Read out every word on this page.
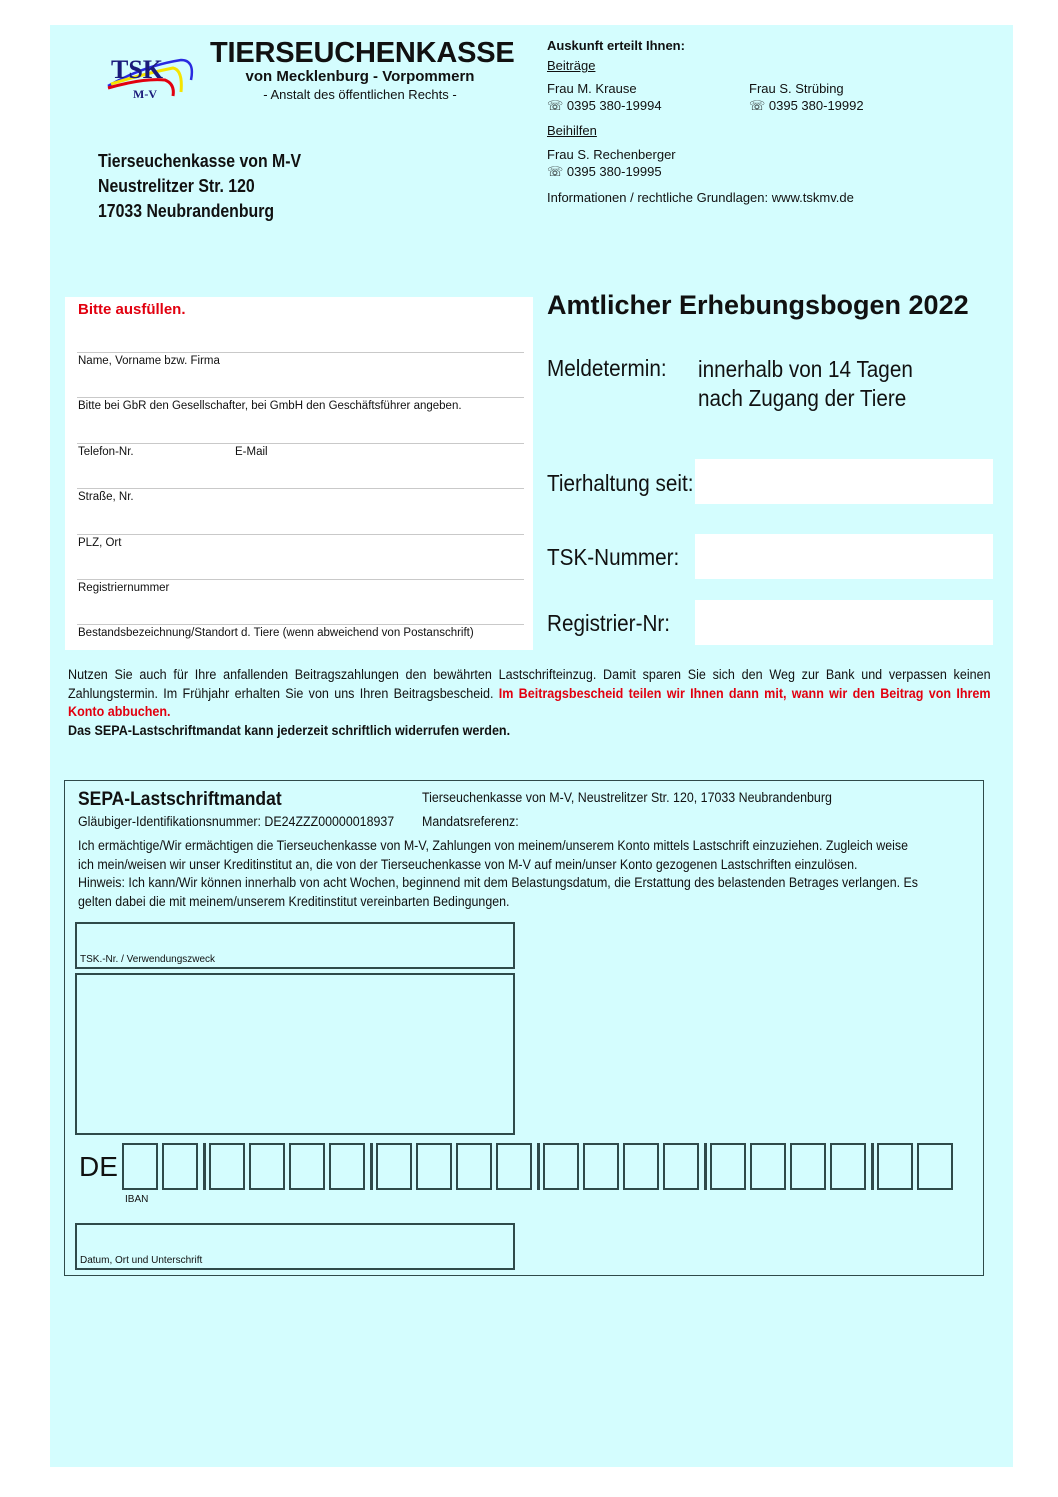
TSK
M-V
TIERSEUCHENKASSE
von Mecklenburg - Vorpommern
- Anstalt des öffentlichen Rechts -
Tierseuchenkasse von M-V
Neustrelitzer Str. 120
17033 Neubrandenburg
Auskunft erteilt Ihnen:
Beiträge
Frau M. Krause
☏ 0395 380-19994
Frau S. Strübing
☏ 0395 380-19992
Beihilfen
Frau S. Rechenberger
☏ 0395 380-19995
Informationen / rechtliche Grundlagen: www.tskmv.de
Bitte ausfüllen.
Name, Vorname bzw. Firma
Bitte bei GbR den Gesellschafter, bei GmbH den Geschäftsführer angeben.
Telefon-Nr.	E-Mail
Straße, Nr.
PLZ, Ort
Registriernummer
Bestandsbezeichnung/Standort d. Tiere (wenn abweichend von Postanschrift)
Amtlicher Erhebungsbogen 2022
Meldetermin: innerhalb von 14 Tagen
nach Zugang der Tiere
Tierhaltung seit:
TSK-Nummer:
Registrier-Nr:
Nutzen Sie auch für Ihre anfallenden Beitragszahlungen den bewährten Lastschrifteinzug. Damit sparen Sie sich den Weg zur Bank und verpassen keinen Zahlungstermin. Im Frühjahr erhalten Sie von uns Ihren Beitragsbescheid. Im Beitragsbescheid teilen wir Ihnen dann mit, wann wir den Beitrag von Ihrem Konto abbuchen.
Das SEPA-Lastschriftmandat kann jederzeit schriftlich widerrufen werden.
SEPA-Lastschriftmandat	Tierseuchenkasse von M-V, Neustrelitzer Str. 120, 17033 Neubrandenburg
Gläubiger-Identifikationsnummer: DE24ZZZ00000018937 Mandatsreferenz:
Ich ermächtige/Wir ermächtigen die Tierseuchenkasse von M-V, Zahlungen von meinem/unserem Konto mittels Lastschrift einzuziehen. Zugleich weise
ich mein/weisen wir unser Kreditinstitut an, die von der Tierseuchenkasse von M-V auf mein/unser Konto gezogenen Lastschriften einzulösen.
Hinweis: Ich kann/Wir können innerhalb von acht Wochen, beginnend mit dem Belastungsdatum, die Erstattung des belastenden Betrages verlangen. Es
gelten dabei die mit meinem/unserem Kreditinstitut vereinbarten Bedingungen.
TSK.-Nr. / Verwendungszweck
DE
IBAN
Datum, Ort und Unterschrift
